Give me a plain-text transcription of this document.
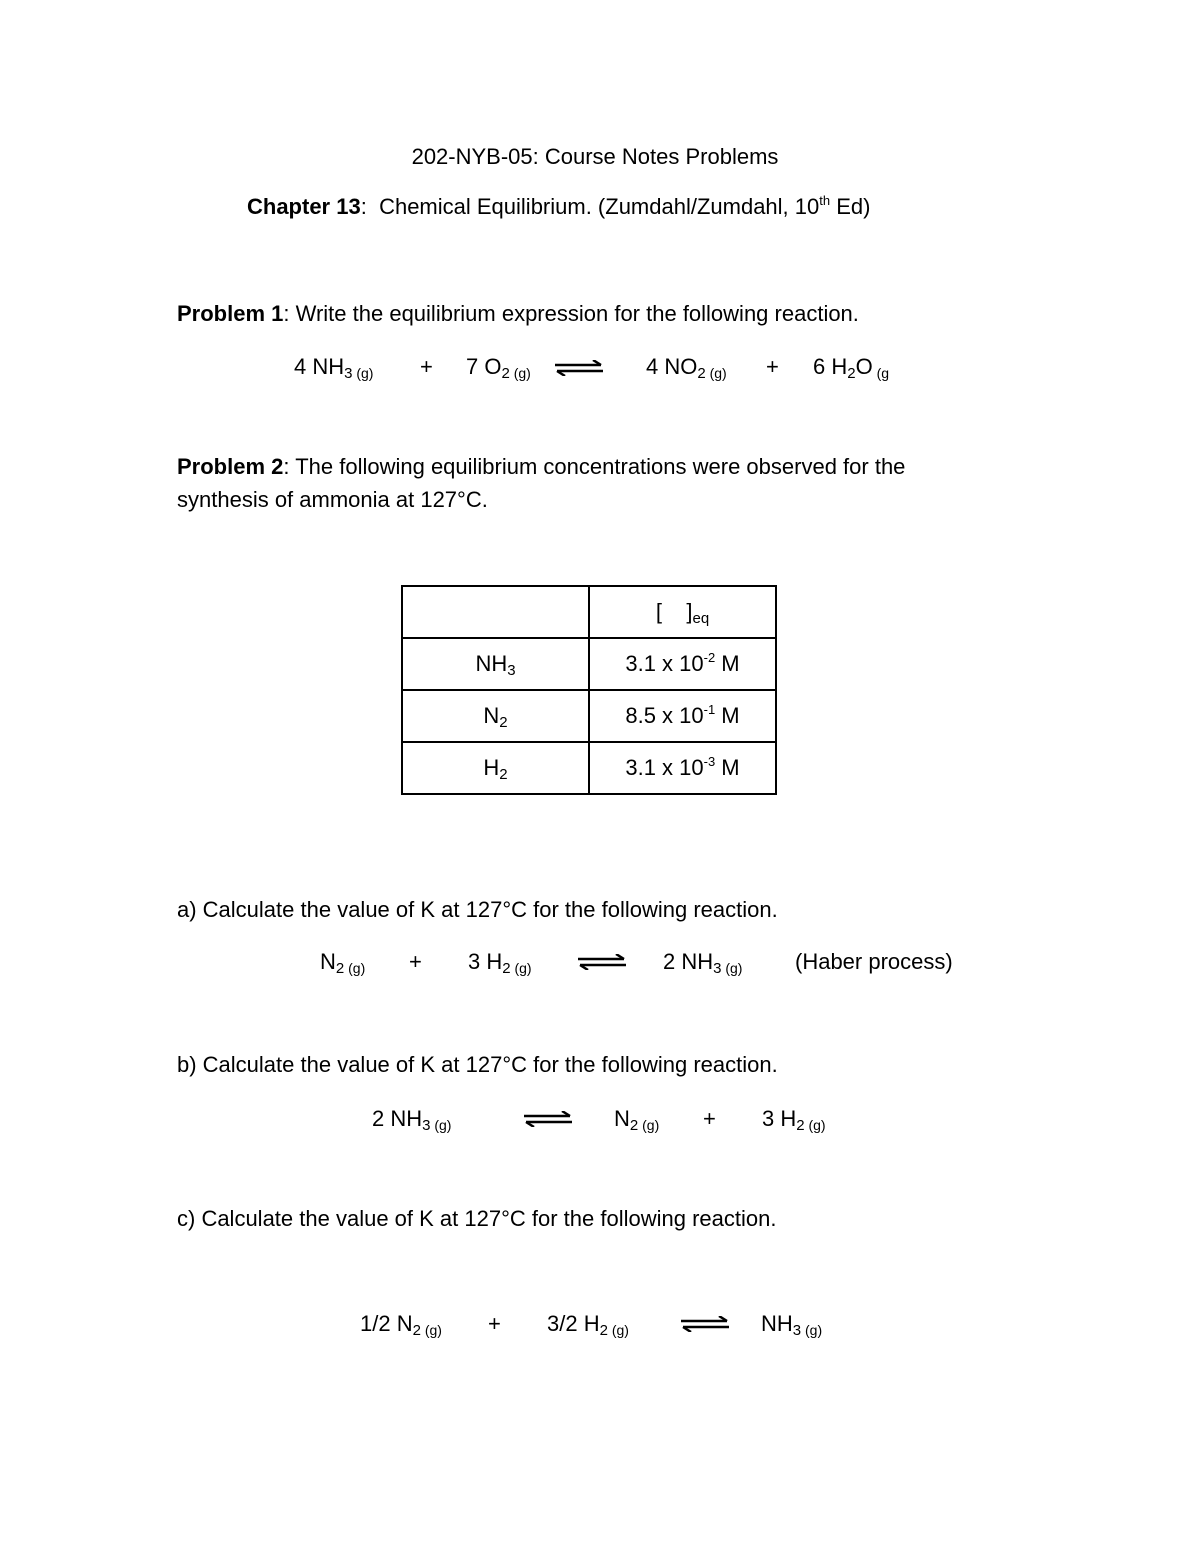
202-NYB-05: Course Notes Problems
Chapter 13: Chemical Equilibrium. (Zumdahl/Zumdahl, 10th Ed)
Problem 1: Write the equilibrium expression for the following reaction.
4 $NH_3$ (g) + 7 $O_2$ (g) ⇌ 4 $NO_2$ (g) + 6 $H_2O$ (g
Problem 2: The following equilibrium concentrations were observed for the
synthesis of ammonia at 127°C.
	[    ]$_{eq}$
$NH_3$	3.1 x $10^{-2}$ M
$N_2$	8.5 x $10^{-1}$ M
$H_2$	3.1 x $10^{-3}$ M
a) Calculate the value of K at 127°C for the following reaction.
$N_2$ (g) + 3 $H_2$ (g)	2 $NH_3$ (g) (Haber process)
b) Calculate the value of K at 127°C for the following reaction.
2 $NH_3$ (g)	$N_2$ (g) + 3 $H_2$ (g)
c) Calculate the value of K at 127°C for the following reaction.
1/2 $N_2$ (g) + 3/2 $H_2$ (g) ⇌ $NH_3$ (g)
